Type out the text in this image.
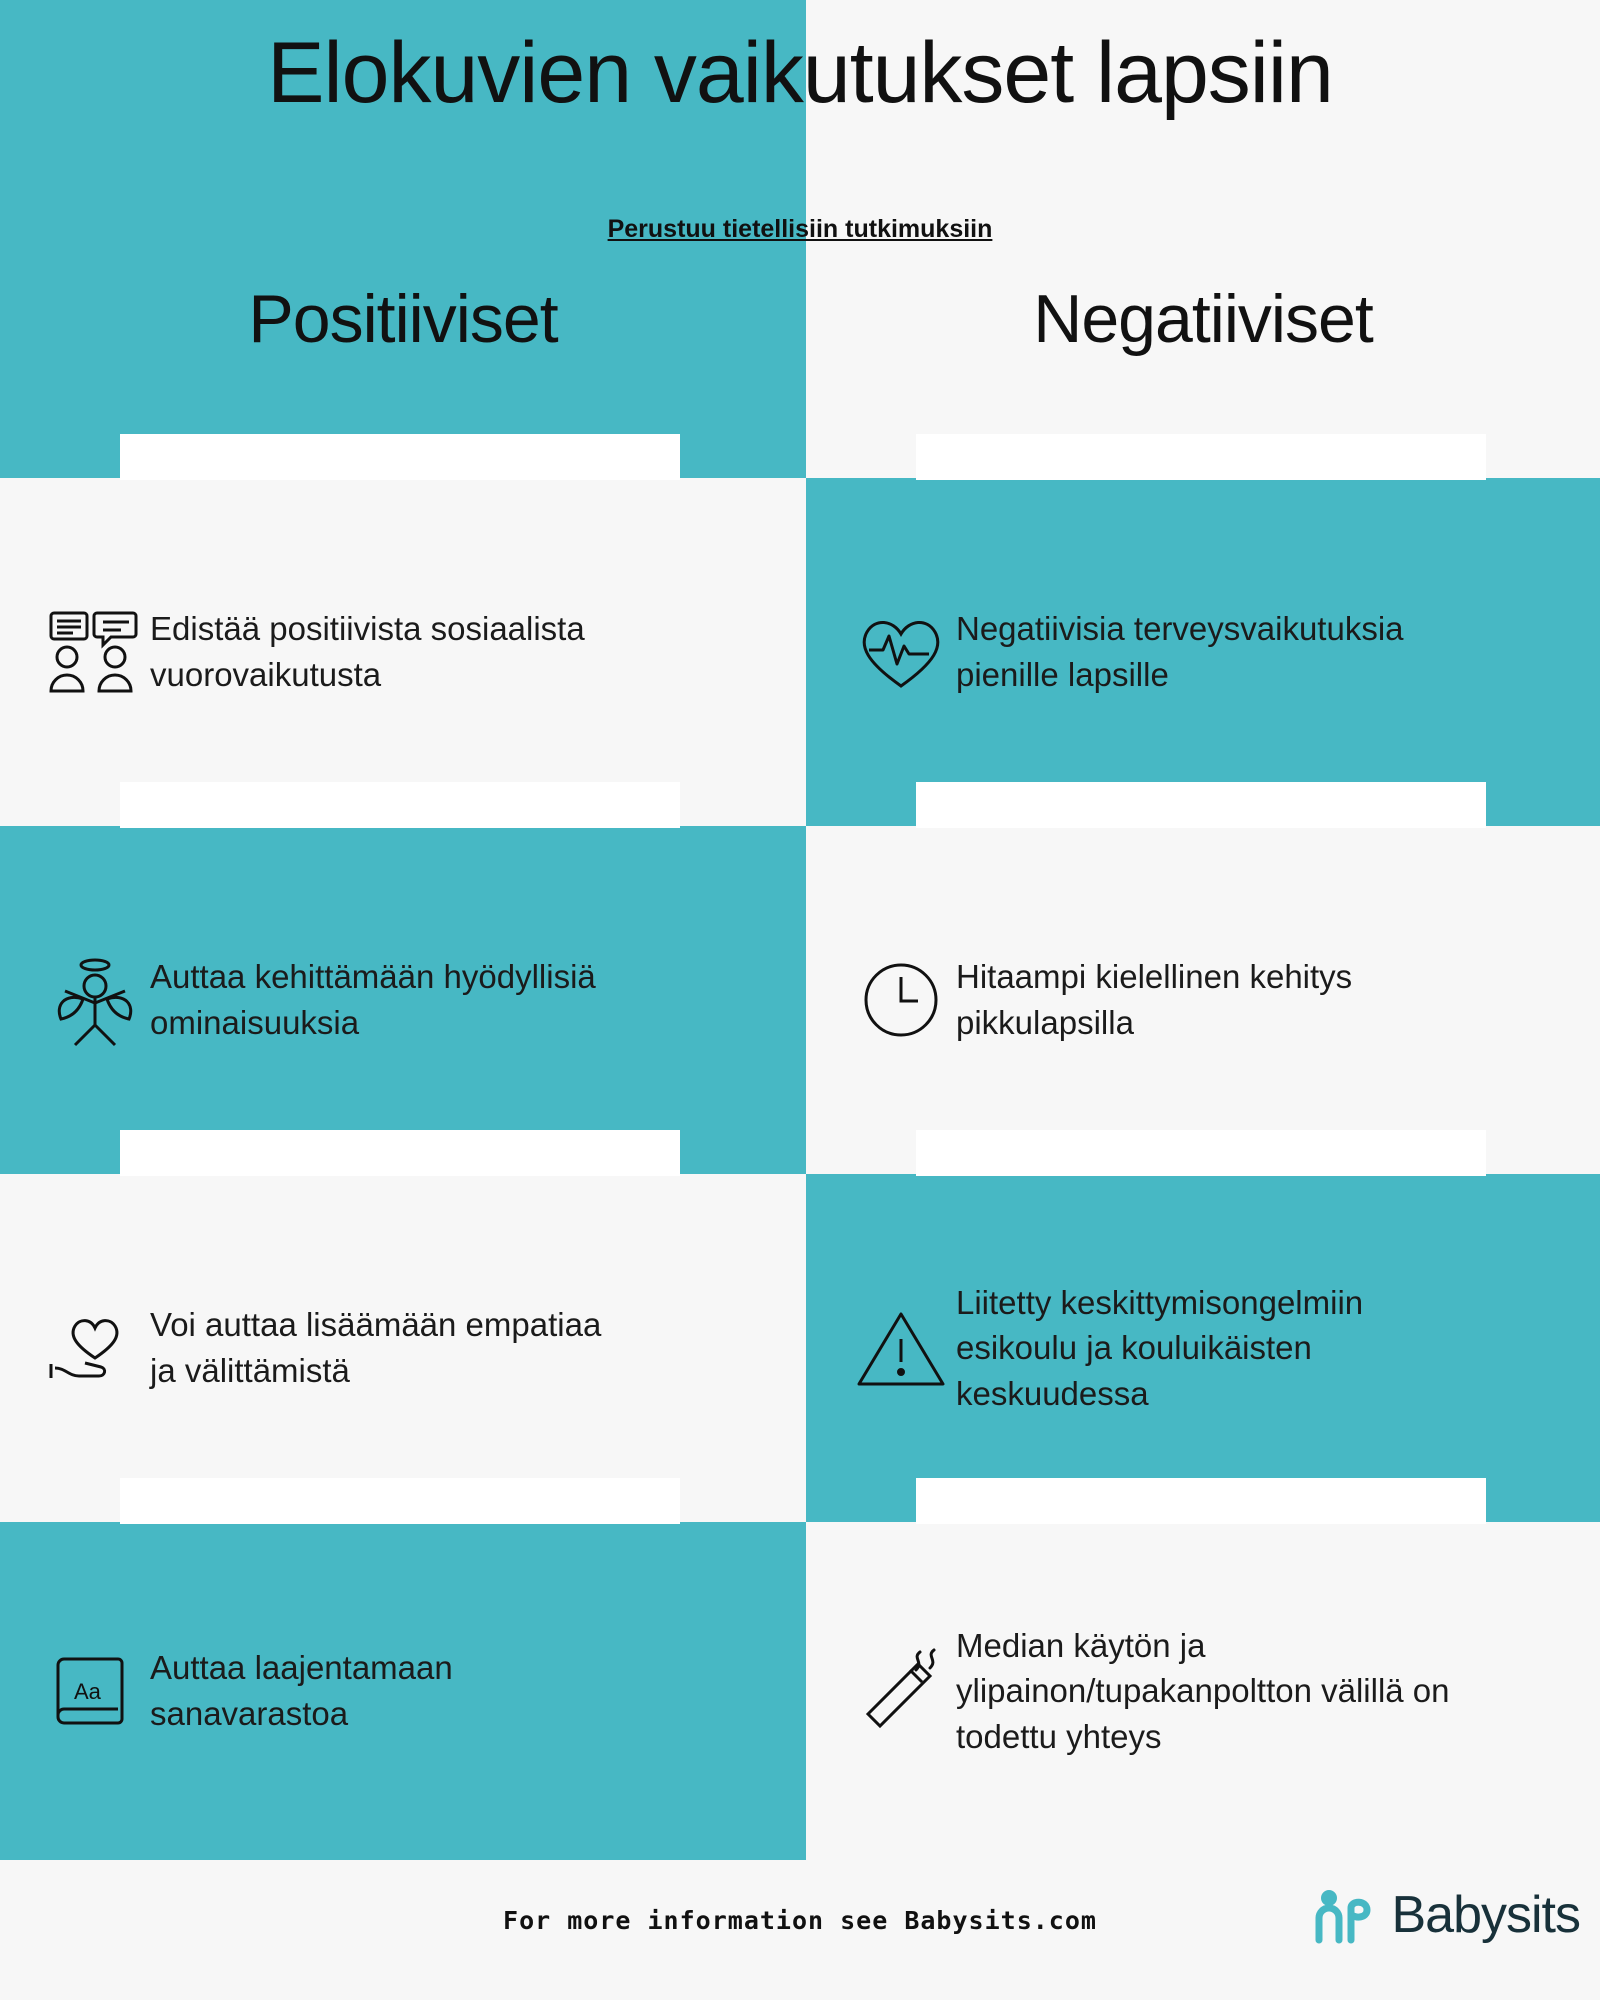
Elokuvien vaikutukset lapsiin
Perustuu tietellisiin tutkimuksiin
Positiiviset	Negatiiviset
Edistää positiivista sosiaalista vuorovaikutusta
Auttaa kehittämään hyödyllisiä ominaisuuksia
Voi auttaa lisäämään empatiaa ja välittämistä
Aa
Auttaa laajentamaan sanavarastoa
Negatiivisia terveysvaikutuksia pienille lapsille
Hitaampi kielellinen kehitys pikkulapsilla
Liitetty keskittymisongelmiin esikoulu ja kouluikäisten keskuudessa
Median käytön ja ylipainon/tupakanpoltton välillä on todettu yhteys
For more information see Babysits.com	Babysits
